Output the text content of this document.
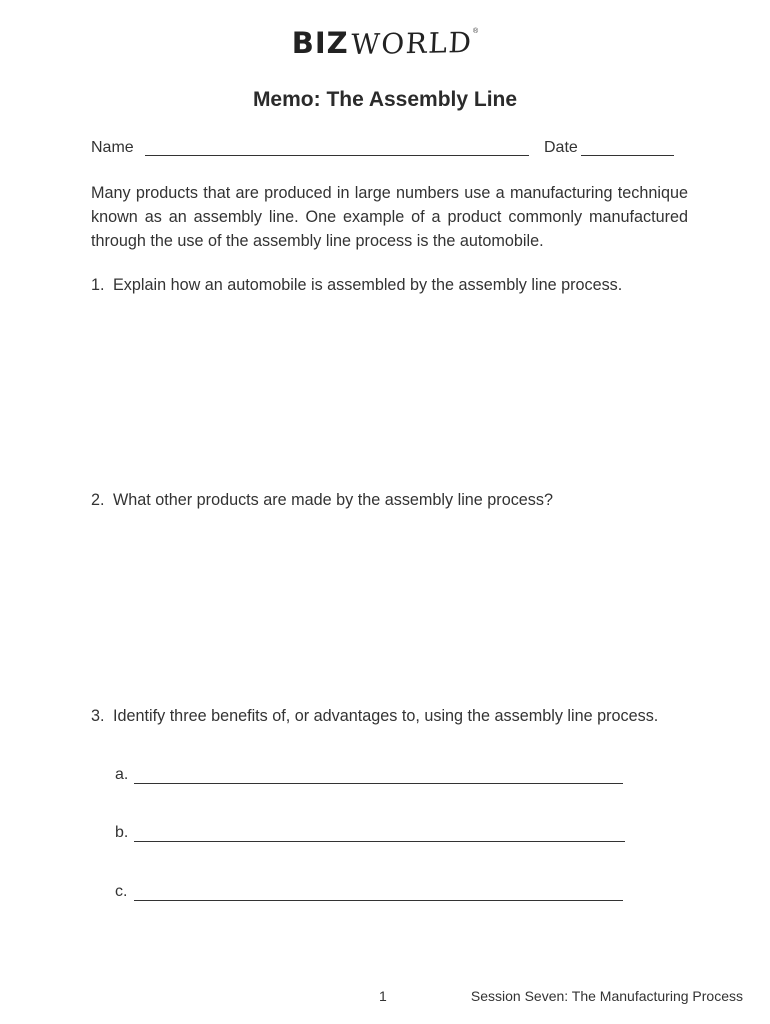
BIZ WORLD ®
Memo: The Assembly Line
Name	Date
Many products that are produced in large numbers use a manufacturing technique known as an assembly line. One example of a product commonly manufactured through the use of the assembly line process is the automobile.
1. Explain how an automobile is assembled by the assembly line process.
2. What other products are made by the assembly line process?
3. Identify three benefits of, or advantages to, using the assembly line process.
a.
b.
c.
1	Session Seven: The Manufacturing Process
